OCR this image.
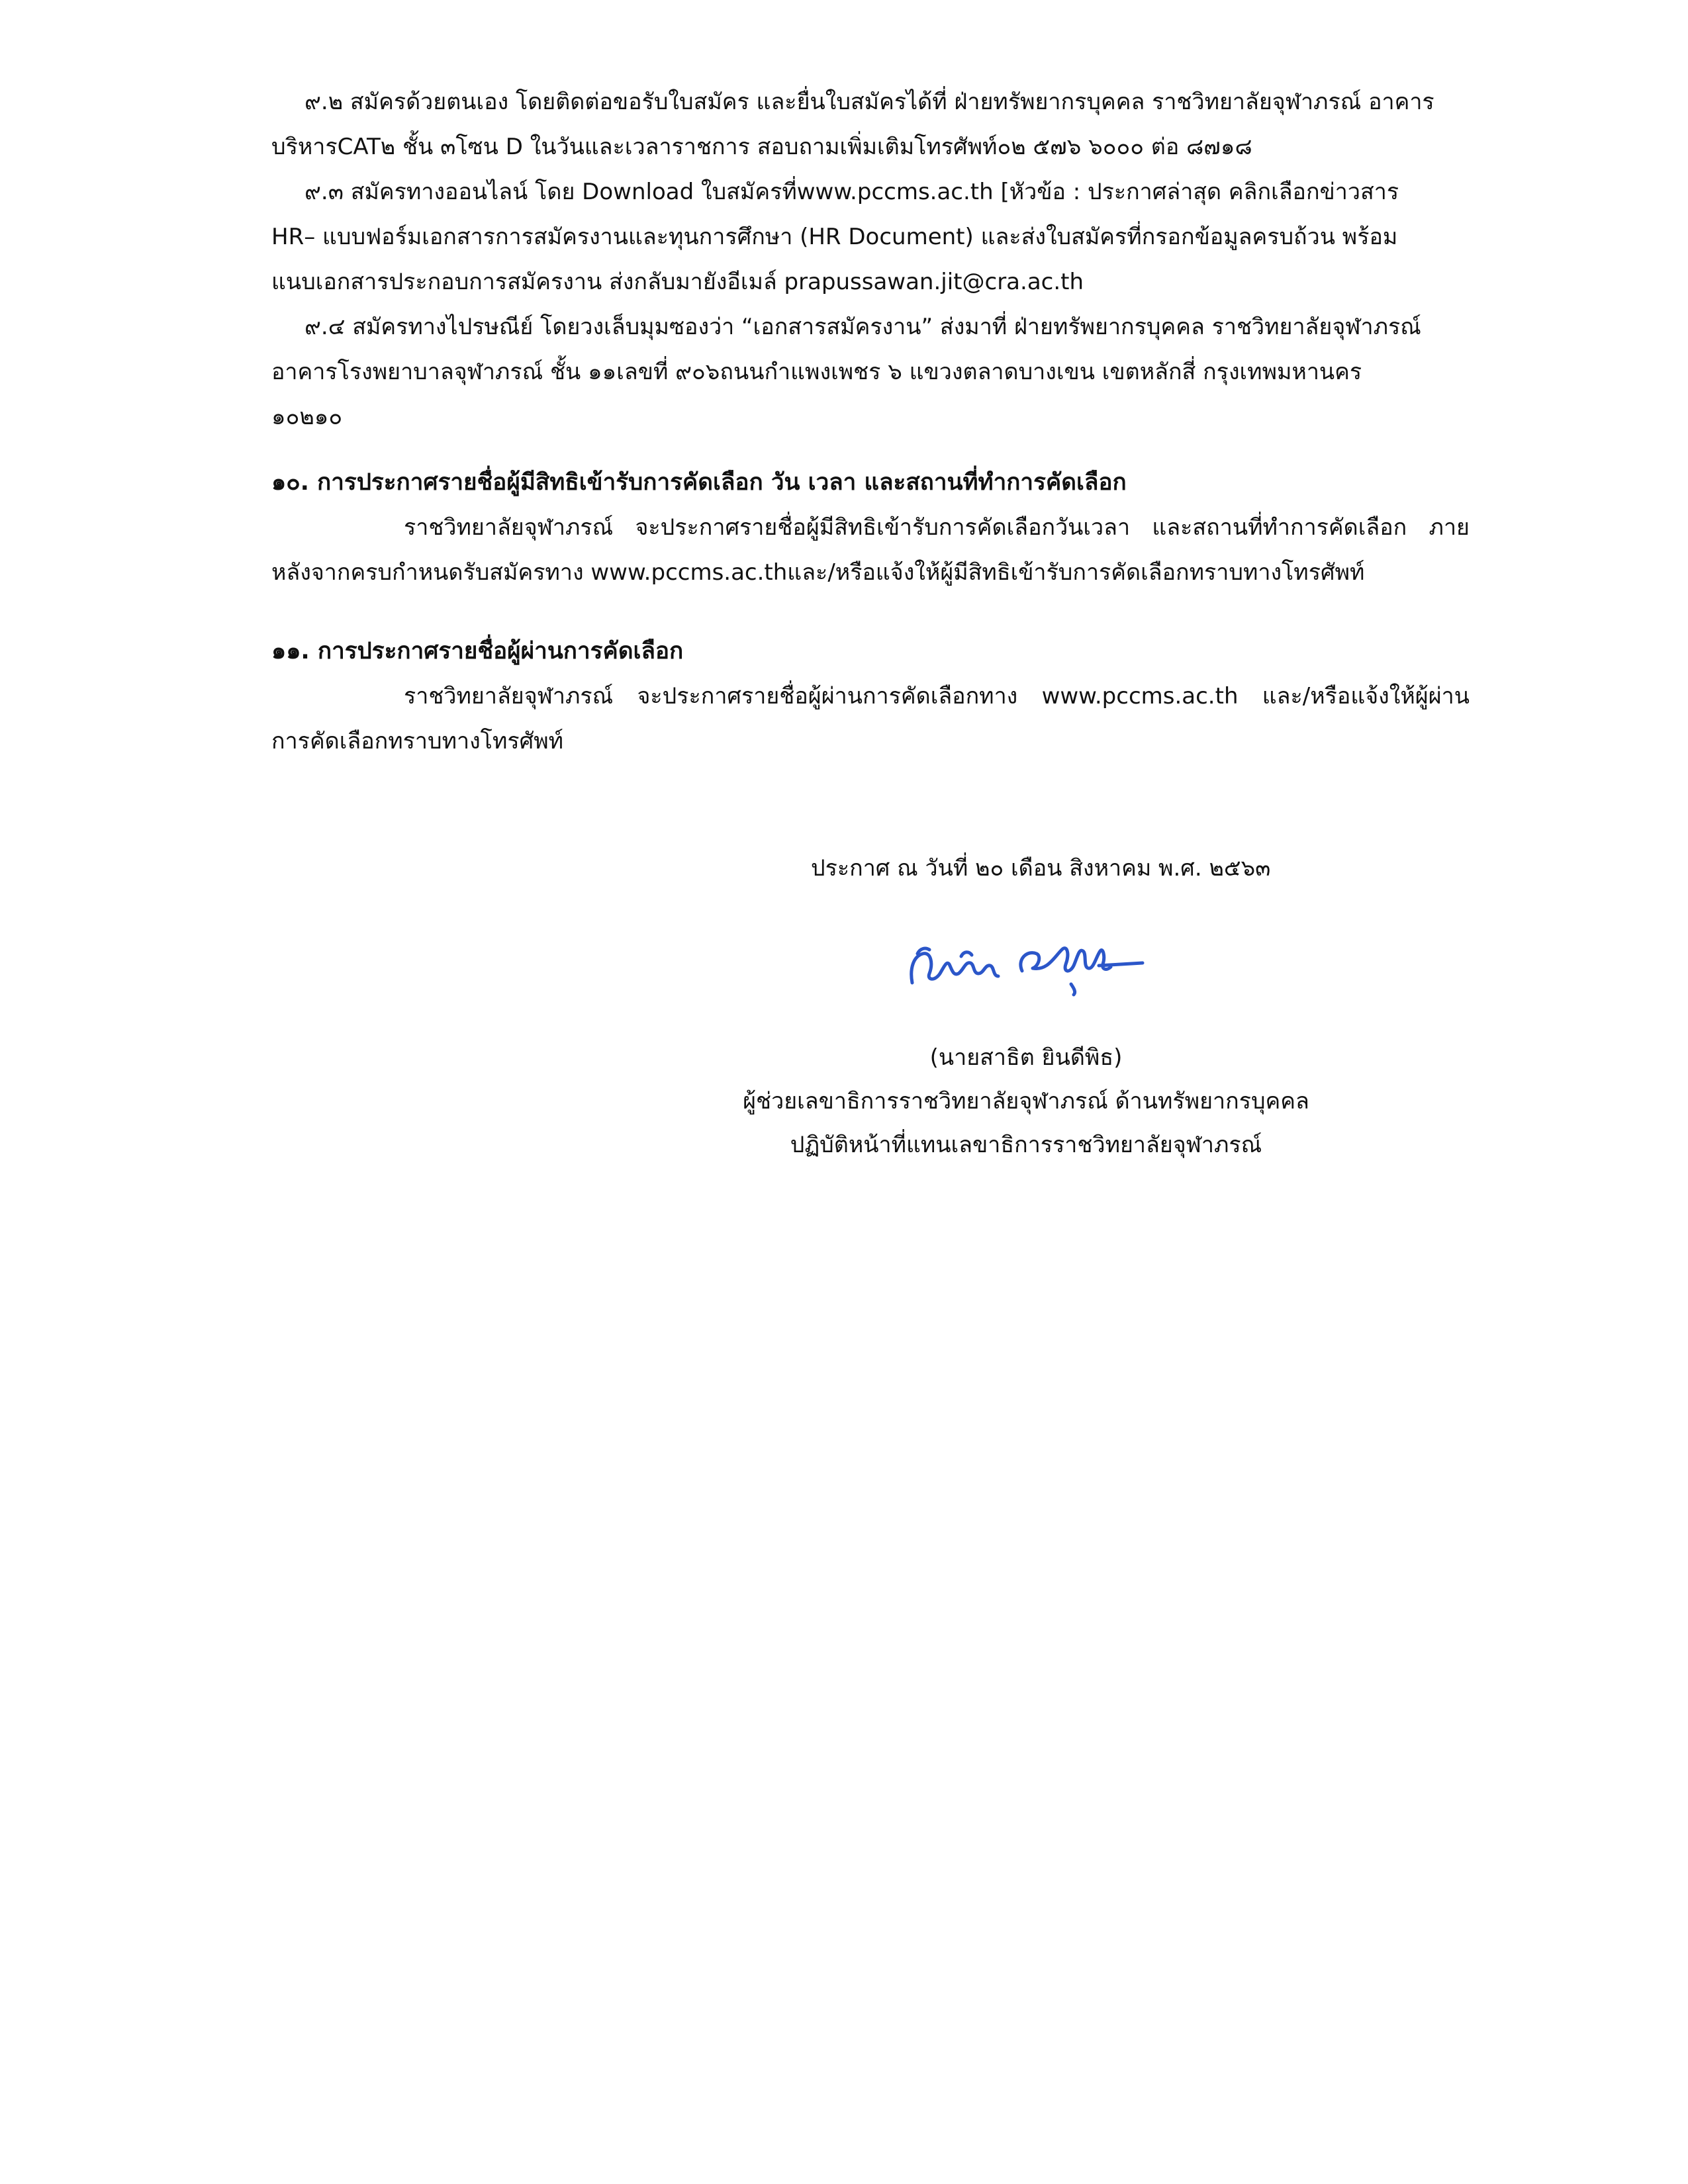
๙.๒ สมัครด้วยตนเอง โดยติดต่อขอรับใบสมัคร และยื่นใบสมัครได้ที่ ฝ่ายทรัพยากรบุคคล ราชวิทยาลัยจุฬาภรณ์ อาคาร
บริหารCAT๒ ชั้น ๓โซน D ในวันและเวลาราชการ สอบถามเพิ่มเติมโทรศัพท์๐๒ ๕๗๖ ๖๐๐๐ ต่อ ๘๗๑๘
๙.๓ สมัครทางออนไลน์ โดย Download ใบสมัครที่www.pccms.ac.th [หัวข้อ : ประกาศล่าสุด คลิกเลือกข่าวสาร
HR– แบบฟอร์มเอกสารการสมัครงานและทุนการศึกษา (HR Document) และส่งใบสมัครที่กรอกข้อมูลครบถ้วน พร้อม
แนบเอกสารประกอบการสมัครงาน ส่งกลับมายังอีเมล์ prapussawan.jit@cra.ac.th
๙.๔ สมัครทางไปรษณีย์ โดยวงเล็บมุมซองว่า “เอกสารสมัครงาน” ส่งมาที่ ฝ่ายทรัพยากรบุคคล ราชวิทยาลัยจุฬาภรณ์
อาคารโรงพยาบาลจุฬาภรณ์ ชั้น ๑๑เลขที่ ๙๐๖ถนนกำแพงเพชร ๖ แขวงตลาดบางเขน เขตหลักสี่ กรุงเทพมหานคร
๑๐๒๑๐
๑๐. การประกาศรายชื่อผู้มีสิทธิเข้ารับการคัดเลือก วัน เวลา และสถานที่ทำการคัดเลือก
ราชวิทยาลัยจุฬาภรณ์ จะประกาศรายชื่อผู้มีสิทธิเข้ารับการคัดเลือกวันเวลา และสถานที่ทำการคัดเลือก ภาย
หลังจากครบกำหนดรับสมัครทาง www.pccms.ac.thและ/หรือแจ้งให้ผู้มีสิทธิเข้ารับการคัดเลือกทราบทางโทรศัพท์
๑๑. การประกาศรายชื่อผู้ผ่านการคัดเลือก
ราชวิทยาลัยจุฬาภรณ์ จะประกาศรายชื่อผู้ผ่านการคัดเลือกทาง www.pccms.ac.th และ/หรือแจ้งให้ผู้ผ่าน
การคัดเลือกทราบทางโทรศัพท์
ประกาศ ณ วันที่ ๒๐ เดือน สิงหาคม พ.ศ. ๒๕๖๓
(นายสาธิต ยินดีพิธ)
ผู้ช่วยเลขาธิการราชวิทยาลัยจุฬาภรณ์ ด้านทรัพยากรบุคคล
ปฏิบัติหน้าที่แทนเลขาธิการราชวิทยาลัยจุฬาภรณ์
